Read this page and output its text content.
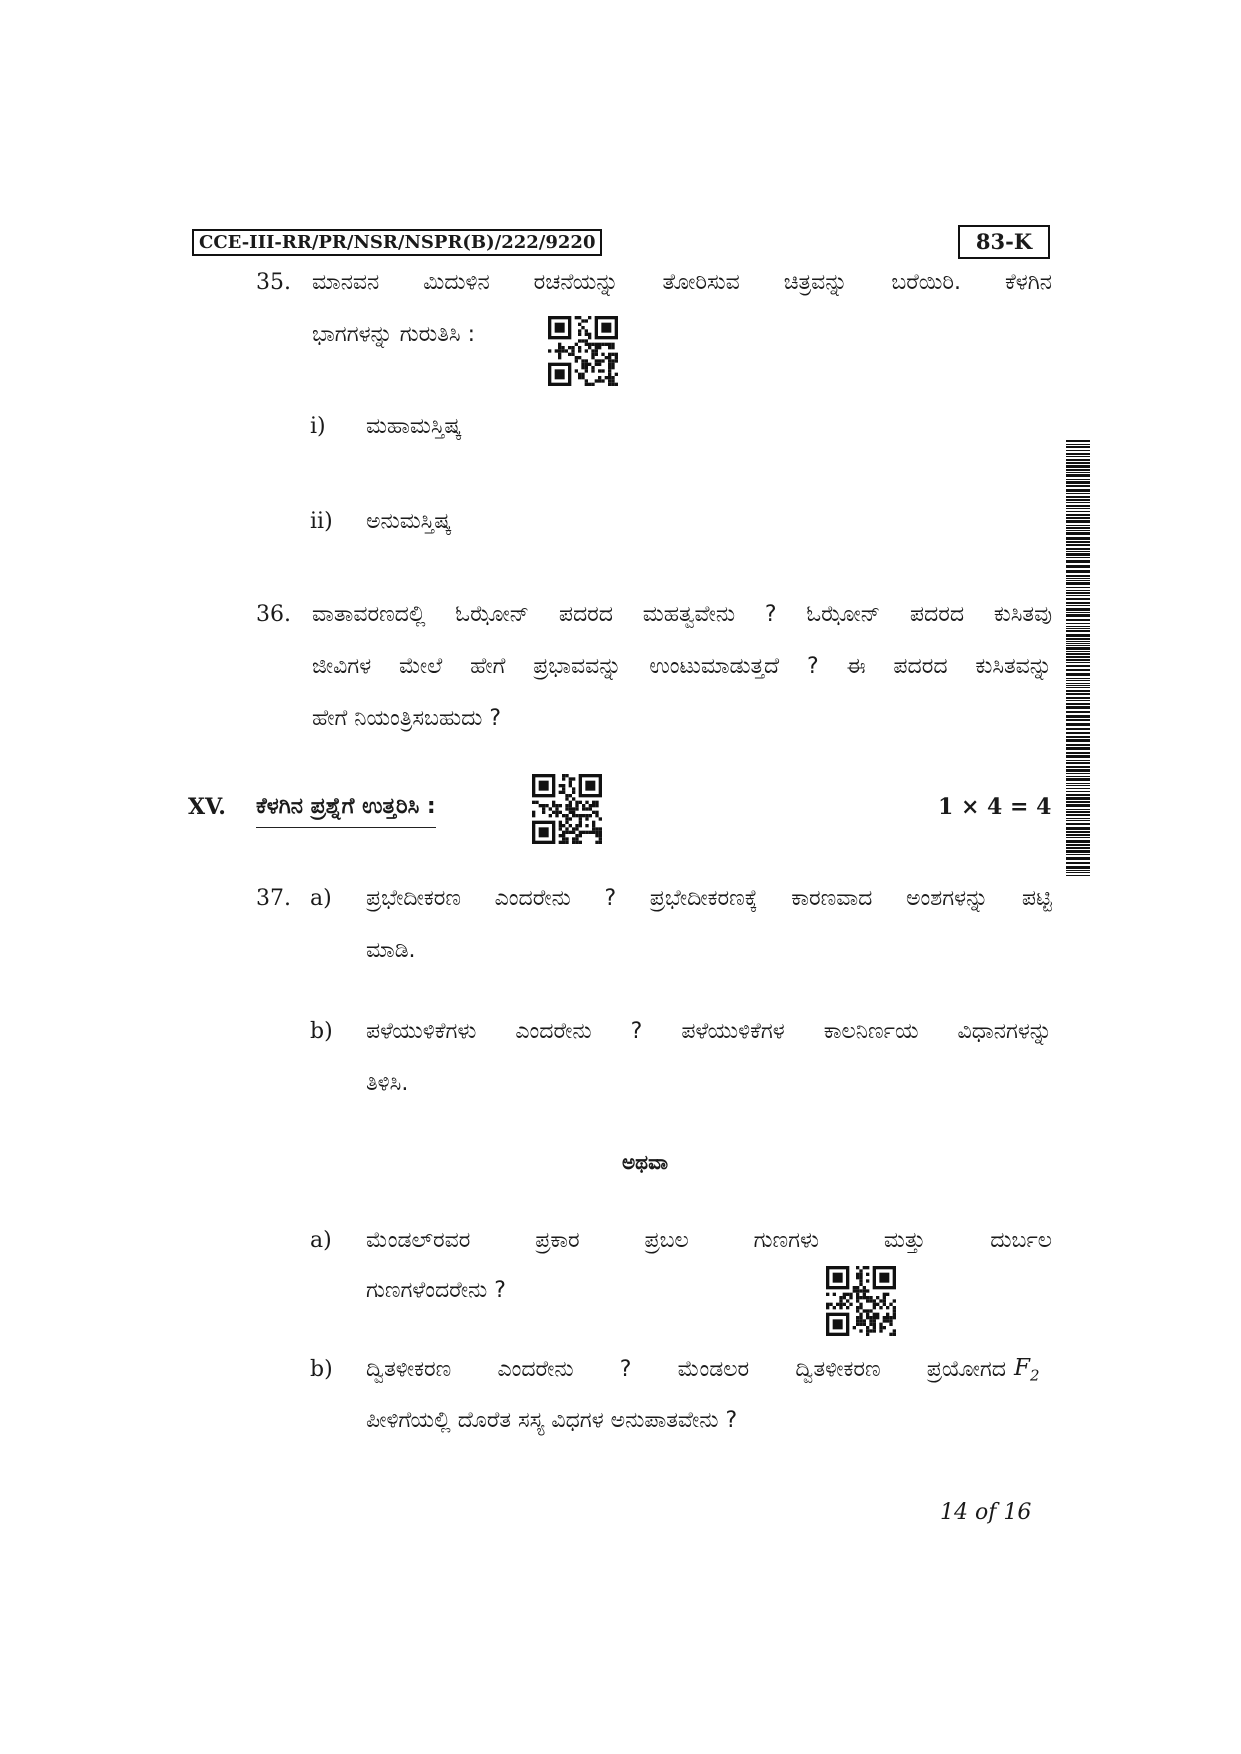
CCE-III-RR/PR/NSR/NSPR(B)/222/9220	83-K
35. ಮಾನವನ ಮಿದುಳಿನ ರಚನೆಯನ್ನು ತೋರಿಸುವ ಚಿತ್ರವನ್ನು ಬರೆಯಿರಿ. ಕೆಳಗಿನ
ಭಾಗಗಳನ್ನು ಗುರುತಿಸಿ :
i) ಮಹಾಮಸ್ತಿಷ್ಕ
ii) ಅನುಮಸ್ತಿಷ್ಕ
36. ವಾತಾವರಣದಲ್ಲಿ ಓಝೋನ್ ಪದರದ ಮಹತ್ವವೇನು ? ಓಝೋನ್ ಪದರದ ಕುಸಿತವು
ಜೀವಿಗಳ ಮೇಲೆ ಹೇಗೆ ಪ್ರಭಾವವನ್ನು ಉಂಟುಮಾಡುತ್ತದೆ ? ಈ ಪದರದ ಕುಸಿತವನ್ನು
ಹೇಗೆ ನಿಯಂತ್ರಿಸಬಹುದು ?
XV. ಕೆಳಗಿನ ಪ್ರಶ್ನೆಗೆ ಉತ್ತರಿಸಿ :	1 × 4 = 4
37. a) ಪ್ರಭೇದೀಕರಣ ಎಂದರೇನು ? ಪ್ರಭೇದೀಕರಣಕ್ಕೆ ಕಾರಣವಾದ ಅಂಶಗಳನ್ನು ಪಟ್ಟಿ
ಮಾಡಿ.
b) ಪಳೆಯುಳಿಕೆಗಳು ಎಂದರೇನು ? ಪಳೆಯುಳಿಕೆಗಳ ಕಾಲನಿರ್ಣಯ ವಿಧಾನಗಳನ್ನು
ತಿಳಿಸಿ.
ಅಥವಾ
a) ಮೆಂಡಲ್‌ರವರ ಪ್ರಕಾರ ಪ್ರಬಲ ಗುಣಗಳು ಮತ್ತು ದುರ್ಬಲ
ಗುಣಗಳೆಂದರೇನು ?
b) ದ್ವಿತಳೀಕರಣ ಎಂದರೇನು ? ಮೆಂಡಲರ ದ್ವಿತಳೀಕರಣ ಪ್ರಯೋಗದ $F_2$
ಪೀಳಿಗೆಯಲ್ಲಿ ದೊರೆತ ಸಸ್ಯ ವಿಧಗಳ ಅನುಪಾತವೇನು ?
14 of 16
